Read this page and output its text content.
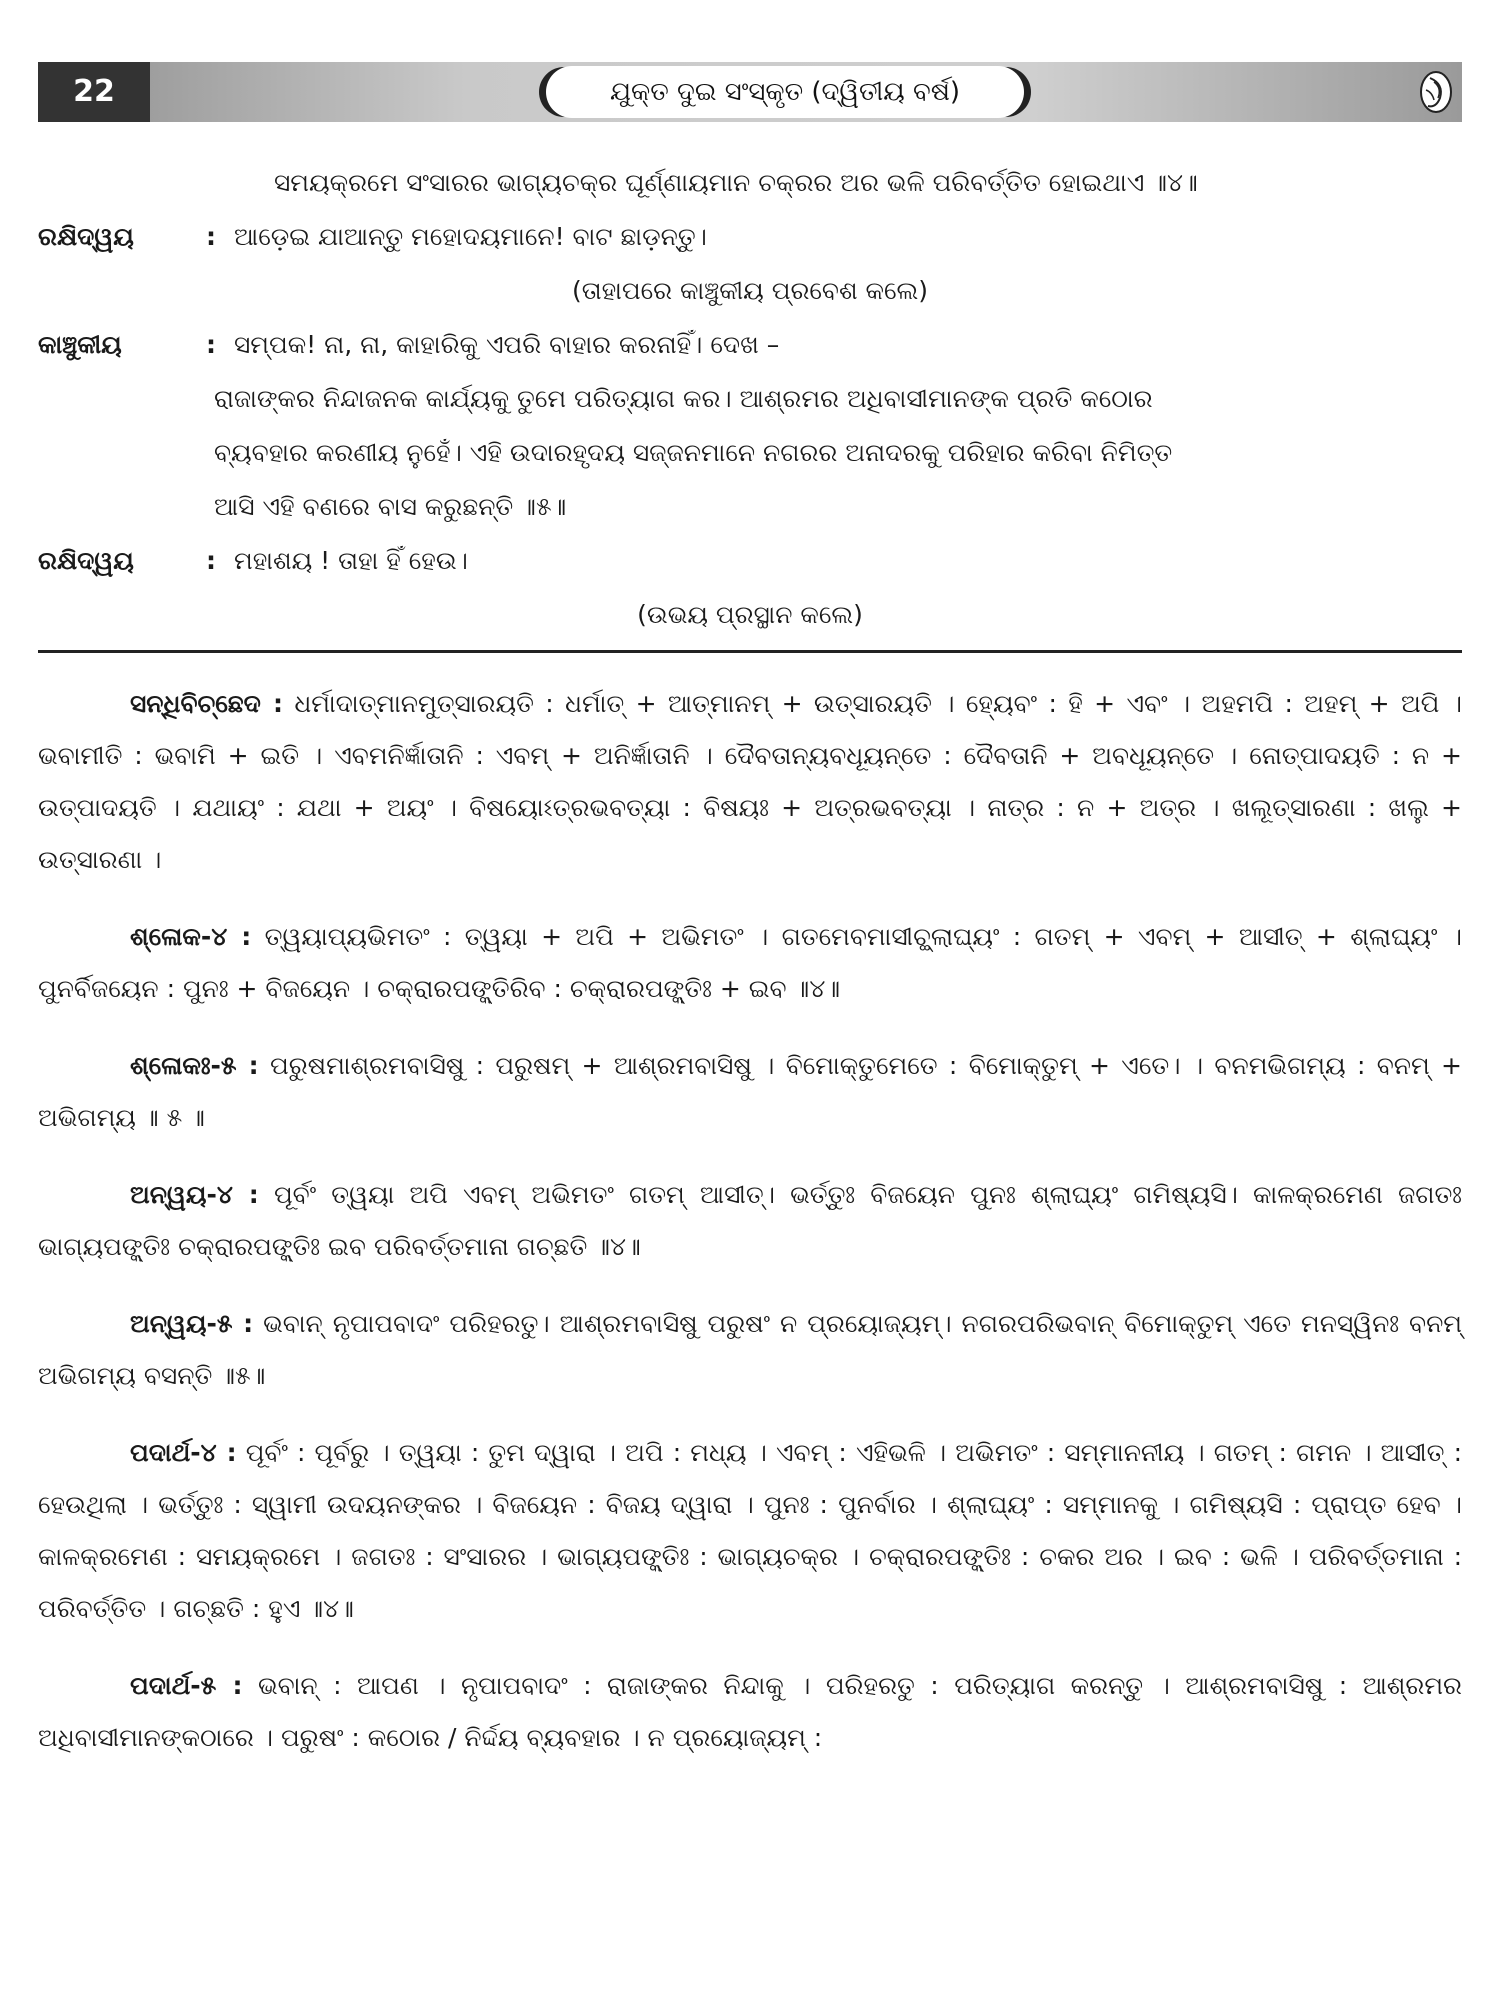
22	ଯୁକ୍ତ ଦୁଇ ସଂସ୍କୃତ (ଦ୍ୱିତୀୟ ବର୍ଷ)
ସମୟକ୍ରମେ ସଂସାରର ଭାଗ୍ୟଚକ୍ର ଘୂର୍ଣ୍ଣାୟମାନ ଚକ୍ରର ଅର ଭଳି ପରିବର୍ତ୍ତିତ ହୋଇଥାଏ ॥୪॥
ରକ୍ଷିଦ୍ୱୟ	: ଆଡ଼େଇ ଯାଆନ୍ତୁ ମହୋଦୟମାନେ! ବାଟ ଛାଡ଼ନ୍ତୁ।
(ତାହାପରେ କାଞ୍ଚୁକୀୟ ପ୍ରବେଶ କଲେ)
କାଞ୍ଚୁକୀୟ	: ସମ୍ପକ! ନା, ନା, କାହାରିକୁ ଏପରି ବାହାର କରନାହିଁ। ଦେଖ –
ରାଜାଙ୍କର ନିନ୍ଦାଜନକ କାର୍ଯ୍ୟକୁ ତୁମେ ପରିତ୍ୟାଗ କର। ଆଶ୍ରମର ଅଧିବାସୀମାନଙ୍କ ପ୍ରତି କଠୋର
ବ୍ୟବହାର କରଣୀୟ ନୁହେଁ। ଏହି ଉଦାରହୃଦୟ ସଜ୍ଜନମାନେ ନଗରର ଅନାଦରକୁ ପରିହାର କରିବା ନିମିତ୍ତ
ଆସି ଏହି ବଣରେ ବାସ କରୁଛନ୍ତି ॥୫॥
ରକ୍ଷିଦ୍ୱୟ	: ମହାଶୟ ! ତାହା ହିଁ ହେଉ।
(ଉଭୟ ପ୍ରସ୍ଥାନ କଲେ)

ସନ୍ଧିବିଚ୍ଛେଦ : ଧର୍ମାଦାତ୍ମାନମୁତ୍ସାରୟତି : ଧର୍ମାତ୍ + ଆତ୍ମାନମ୍ + ଉତ୍ସାରୟତି । ହ୍ୟେବଂ : ହି + ଏବଂ । ଅହମପି : ଅହମ୍ + ଅପି । ଭବାମୀତି : ଭବାମି + ଇତି । ଏବମନିର୍ଜ୍ଞାତାନି : ଏବମ୍ + ଅନିର୍ଜ୍ଞାତାନି । ଦୈବତାନ୍ୟବଧୂୟନ୍ତେ : ଦୈବତାନି + ଅବଧୂୟନ୍ତେ । ନୋତ୍ପାଦୟତି : ନ + ଉତ୍ପାଦୟତି । ଯଥାୟଂ : ଯଥା + ଅୟଂ । ବିଷୟୋଽତ୍ରଭବତ୍ୟା : ବିଷୟଃ + ଅତ୍ରଭବତ୍ୟା । ନାତ୍ର : ନ + ଅତ୍ର । ଖଲୂତ୍ସାରଣା : ଖଲୁ + ଉତ୍ସାରଣା ।

ଶ୍ଳୋକ-୪ : ତ୍ୱୟାପ୍ୟଭିମତଂ : ତ୍ୱୟା + ଅପି + ଅଭିମତଂ । ଗତମେବମାସୀଚ୍ଛ୍ଲାଘ୍ୟଂ : ଗତମ୍ + ଏବମ୍ + ଆସୀତ୍ + ଶ୍ଲାଘ୍ୟଂ । ପୁନର୍ବିଜୟେନ : ପୁନଃ + ବିଜୟେନ । ଚକ୍ରାରପଙ୍କ୍ତିରିବ : ଚକ୍ରାରପଙ୍କ୍ତିଃ + ଇବ ॥୪॥

ଶ୍ଳୋକଃ-୫ : ପରୁଷମାଶ୍ରମବାସିଷୁ : ପରୁଷମ୍ + ଆଶ୍ରମବାସିଷୁ । ବିମୋକ୍ତୁମେତେ : ବିମୋକ୍ତୁମ୍ + ଏତେ। । ବନମଭିଗମ୍ୟ : ବନମ୍ + ଅଭିଗମ୍ୟ ॥ ୫ ॥

ଅନ୍ୱୟ-୪ : ପୂର୍ବଂ ତ୍ୱୟା ଅପି ଏବମ୍ ଅଭିମତଂ ଗତମ୍ ଆସୀତ୍। ଭର୍ତ୍ତୁଃ ବିଜୟେନ ପୁନଃ ଶ୍ଲାଘ୍ୟଂ ଗମିଷ୍ୟସି। କାଳକ୍ରମେଣ ଜଗତଃ ଭାଗ୍ୟପଙ୍କ୍ତିଃ ଚକ୍ରାରପଙ୍କ୍ତିଃ ଇବ ପରିବର୍ତ୍ତମାନା ଗଚ୍ଛତି ॥୪॥

ଅନ୍ୱୟ-୫ : ଭବାନ୍ ନୃପାପବାଦଂ ପରିହରତୁ। ଆଶ୍ରମବାସିଷୁ ପରୁଷଂ ନ ପ୍ରୟୋଜ୍ୟମ୍। ନଗରପରିଭବାନ୍ ବିମୋକ୍ତୁମ୍ ଏତେ ମନସ୍ୱିନଃ ବନମ୍ ଅଭିଗମ୍ୟ ବସନ୍ତି ॥୫॥

ପଦାର୍ଥ-୪ : ପୂର୍ବଂ : ପୂର୍ବରୁ । ତ୍ୱୟା : ତୁମ ଦ୍ୱାରା । ଅପି : ମଧ୍ୟ । ଏବମ୍ : ଏହିଭଳି । ଅଭିମତଂ : ସମ୍ମାନନୀୟ । ଗତମ୍ : ଗମନ । ଆସୀତ୍ : ହେଉଥିଲା । ଭର୍ତ୍ତୁଃ : ସ୍ୱାମୀ ଉଦୟନଙ୍କର । ବିଜୟେନ : ବିଜୟ ଦ୍ୱାରା । ପୁନଃ : ପୁନର୍ବାର । ଶ୍ଲାଘ୍ୟଂ : ସମ୍ମାନକୁ । ଗମିଷ୍ୟସି : ପ୍ରାପ୍ତ ହେବ । କାଳକ୍ରମେଣ : ସମୟକ୍ରମେ । ଜଗତଃ : ସଂସାରର । ଭାଗ୍ୟପଙ୍କ୍ତିଃ : ଭାଗ୍ୟଚକ୍ର । ଚକ୍ରାରପଙ୍କ୍ତିଃ : ଚକର ଅର । ଇବ : ଭଳି । ପରିବର୍ତ୍ତମାନା : ପରିବର୍ତ୍ତିତ । ଗଚ୍ଛତି : ହୁଏ ॥୪॥

ପଦାର୍ଥ-୫ : ଭବାନ୍ : ଆପଣ । ନୃପାପବାଦଂ : ରାଜାଙ୍କର ନିନ୍ଦାକୁ । ପରିହରତୁ : ପରିତ୍ୟାଗ କରନ୍ତୁ । ଆଶ୍ରମବାସିଷୁ : ଆଶ୍ରମର ଅଧିବାସୀମାନଙ୍କଠାରେ । ପରୁଷଂ : କଠୋର / ନିର୍ଦ୍ଦୟ ବ୍ୟବହାର । ନ ପ୍ରୟୋଜ୍ୟମ୍ :
